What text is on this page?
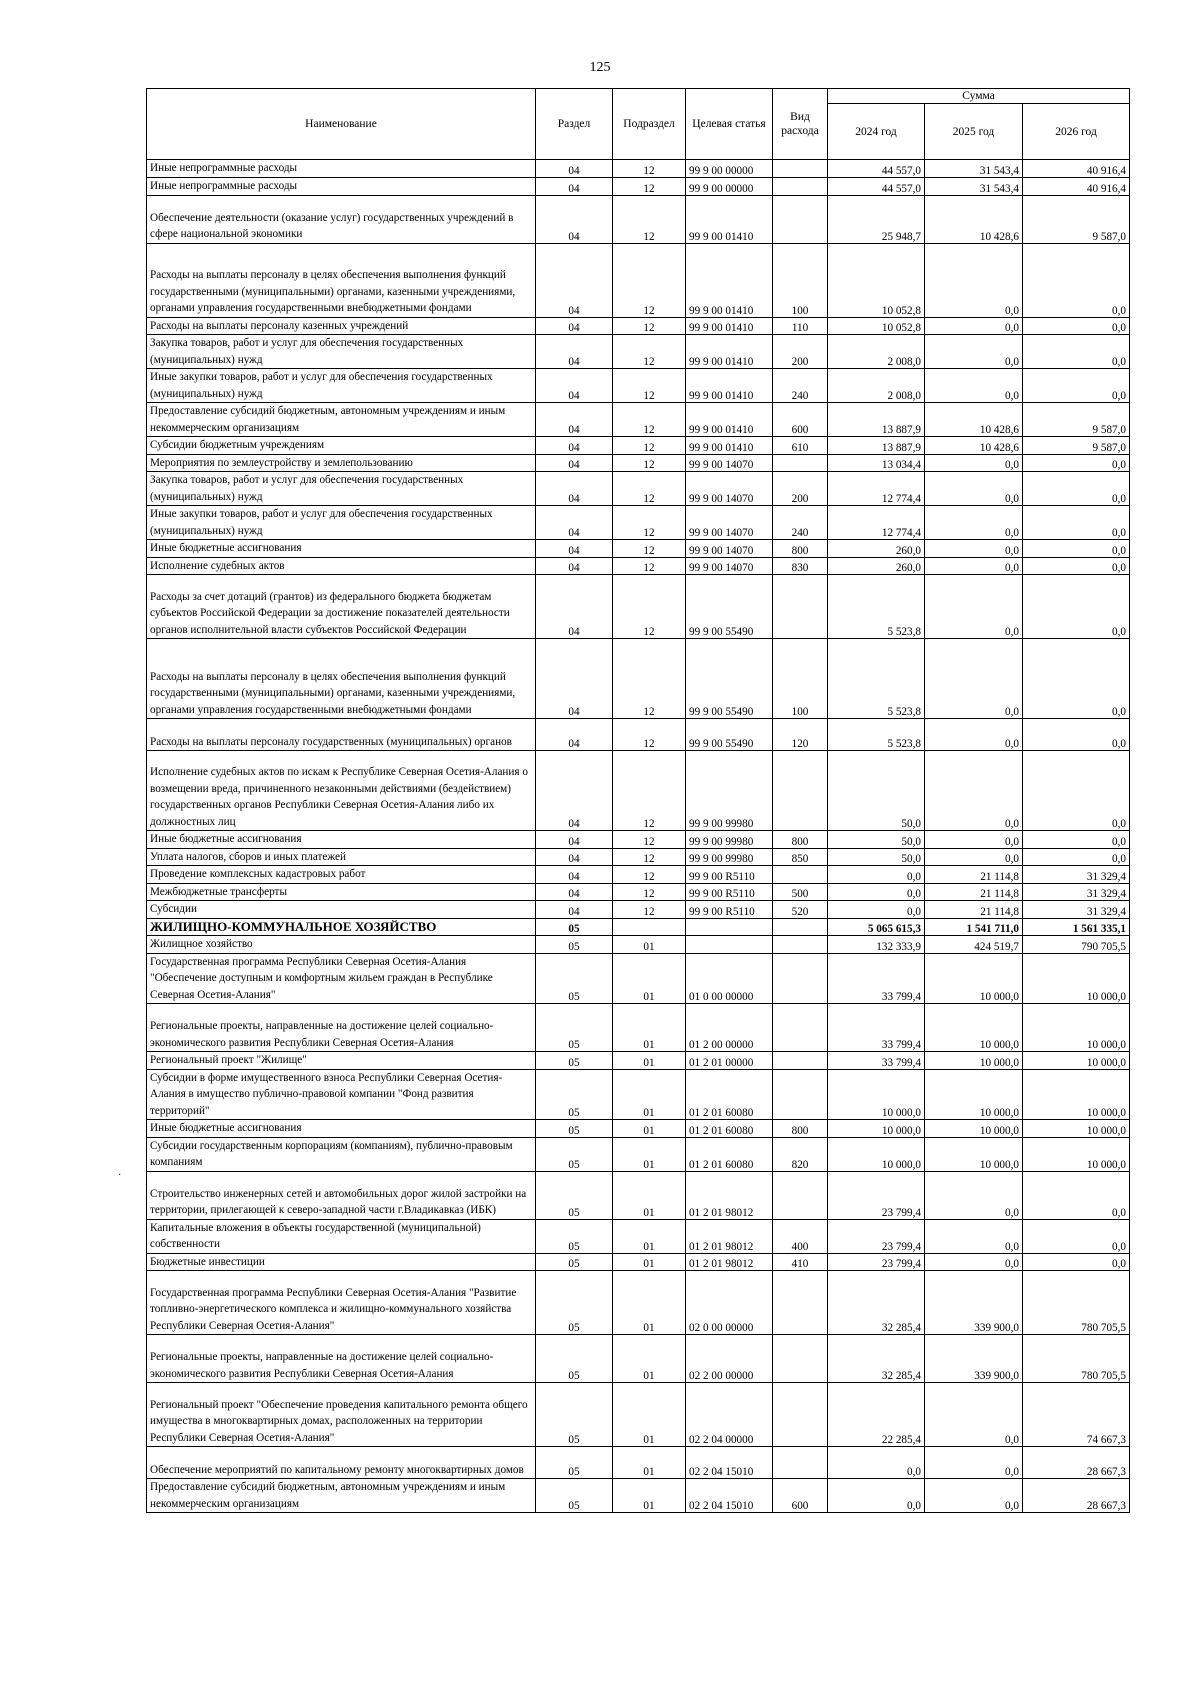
125
Наименование	Раздел	Подраздел	Целевая статья	Вид расхода	Сумма		
					2024 год	2025 год	2026 год
Иные непрограммные расходы	04	12	99 9 00 00000		44 557,0	31 543,4	40 916,4
Иные непрограммные расходы	04	12	99 9 00 00000		44 557,0	31 543,4	40 916,4
Обеспечение деятельности (оказание услуг) государственных учреждений в сфере национальной экономики	04	12	99 9 00 01410		25 948,7	10 428,6	9 587,0
Расходы на выплаты персоналу в целях обеспечения выполнения функций государственными (муниципальными) органами, казенными учреждениями, органами управления государственными внебюджетными фондами	04	12	99 9 00 01410	100	10 052,8	0,0	0,0
Расходы на выплаты персоналу казенных учреждений	04	12	99 9 00 01410	110	10 052,8	0,0	0,0
Закупка товаров, работ и услуг для обеспечения государственных (муниципальных) нужд	04	12	99 9 00 01410	200	2 008,0	0,0	0,0
Иные закупки товаров, работ и услуг для обеспечения государственных (муниципальных) нужд	04	12	99 9 00 01410	240	2 008,0	0,0	0,0
Предоставление субсидий бюджетным, автономным учреждениям и иным некоммерческим организациям	04	12	99 9 00 01410	600	13 887,9	10 428,6	9 587,0
Субсидии бюджетным учреждениям	04	12	99 9 00 01410	610	13 887,9	10 428,6	9 587,0
Мероприятия по землеустройству и землепользованию	04	12	99 9 00 14070		13 034,4	0,0	0,0
Закупка товаров, работ и услуг для обеспечения государственных (муниципальных) нужд	04	12	99 9 00 14070	200	12 774,4	0,0	0,0
Иные закупки товаров, работ и услуг для обеспечения государственных (муниципальных) нужд	04	12	99 9 00 14070	240	12 774,4	0,0	0,0
Иные бюджетные ассигнования	04	12	99 9 00 14070	800	260,0	0,0	0,0
Исполнение судебных актов	04	12	99 9 00 14070	830	260,0	0,0	0,0
Расходы за счет дотаций (грантов) из федерального бюджета бюджетам субъектов Российской Федерации за достижение показателей деятельности органов исполнительной власти субъектов Российской Федерации	04	12	99 9 00 55490		5 523,8	0,0	0,0
Расходы на выплаты персоналу в целях обеспечения выполнения функций государственными (муниципальными) органами, казенными учреждениями, органами управления государственными внебюджетными фондами	04	12	99 9 00 55490	100	5 523,8	0,0	0,0
Расходы на выплаты персоналу государственных (муниципальных) органов	04	12	99 9 00 55490	120	5 523,8	0,0	0,0
Исполнение судебных актов по искам к Республике Северная Осетия-Алания о возмещении вреда, причиненного незаконными действиями (бездействием) государственных органов Республики Северная Осетия-Алания либо их должностных лиц	04	12	99 9 00 99980		50,0	0,0	0,0
Иные бюджетные ассигнования	04	12	99 9 00 99980	800	50,0	0,0	0,0
Уплата налогов, сборов и иных платежей	04	12	99 9 00 99980	850	50,0	0,0	0,0
Проведение комплексных кадастровых работ	04	12	99 9 00 R5110		0,0	21 114,8	31 329,4
Межбюджетные трансферты	04	12	99 9 00 R5110	500	0,0	21 114,8	31 329,4
Субсидии	04	12	99 9 00 R5110	520	0,0	21 114,8	31 329,4
ЖИЛИЩНО-КОММУНАЛЬНОЕ ХОЗЯЙСТВО	05				5 065 615,3	1 541 711,0	1 561 335,1
Жилищное хозяйство	05	01			132 333,9	424 519,7	790 705,5
Государственная программа Республики Северная Осетия-Алания "Обеспечение доступным и комфортным жильем граждан в Республике Северная Осетия-Алания"	05	01	01 0 00 00000		33 799,4	10 000,0	10 000,0
Региональные проекты, направленные на достижение целей социально-экономического развития Республики Северная Осетия-Алания	05	01	01 2 00 00000		33 799,4	10 000,0	10 000,0
Региональный проект "Жилище"	05	01	01 2 01 00000		33 799,4	10 000,0	10 000,0
Субсидии в форме имущественного взноса Республики Северная Осетия-Алания в имущество публично-правовой компании "Фонд развития территорий"	05	01	01 2 01 60080		10 000,0	10 000,0	10 000,0
Иные бюджетные ассигнования	05	01	01 2 01 60080	800	10 000,0	10 000,0	10 000,0
Субсидии государственным корпорациям (компаниям), публично-правовым компаниям	05	01	01 2 01 60080	820	10 000,0	10 000,0	10 000,0
Строительство инженерных сетей и автомобильных дорог жилой застройки на территории, прилегающей к северо-западной части г.Владикавказ (ИБК)	05	01	01 2 01 98012		23 799,4	0,0	0,0
Капитальные вложения в объекты государственной (муниципальной) собственности	05	01	01 2 01 98012	400	23 799,4	0,0	0,0
Бюджетные инвестиции	05	01	01 2 01 98012	410	23 799,4	0,0	0,0
Государственная программа Республики Северная Осетия-Алания "Развитие топливно-энергетического комплекса и жилищно-коммунального хозяйства Республики Северная Осетия-Алания"	05	01	02 0 00 00000		32 285,4	339 900,0	780 705,5
Региональные проекты, направленные на достижение целей социально-экономического развития Республики Северная Осетия-Алания	05	01	02 2 00 00000		32 285,4	339 900,0	780 705,5
Региональный проект "Обеспечение проведения капитального ремонта общего имущества в многоквартирных домах, расположенных на территории Республики Северная Осетия-Алания"	05	01	02 2 04 00000		22 285,4	0,0	74 667,3
Обеспечение мероприятий по капитальному ремонту многоквартирных домов	05	01	02 2 04 15010		0,0	0,0	28 667,3
Предоставление субсидий бюджетным, автономным учреждениям и иным некоммерческим организациям	05	01	02 2 04 15010	600	0,0	0,0	28 667,3
·
